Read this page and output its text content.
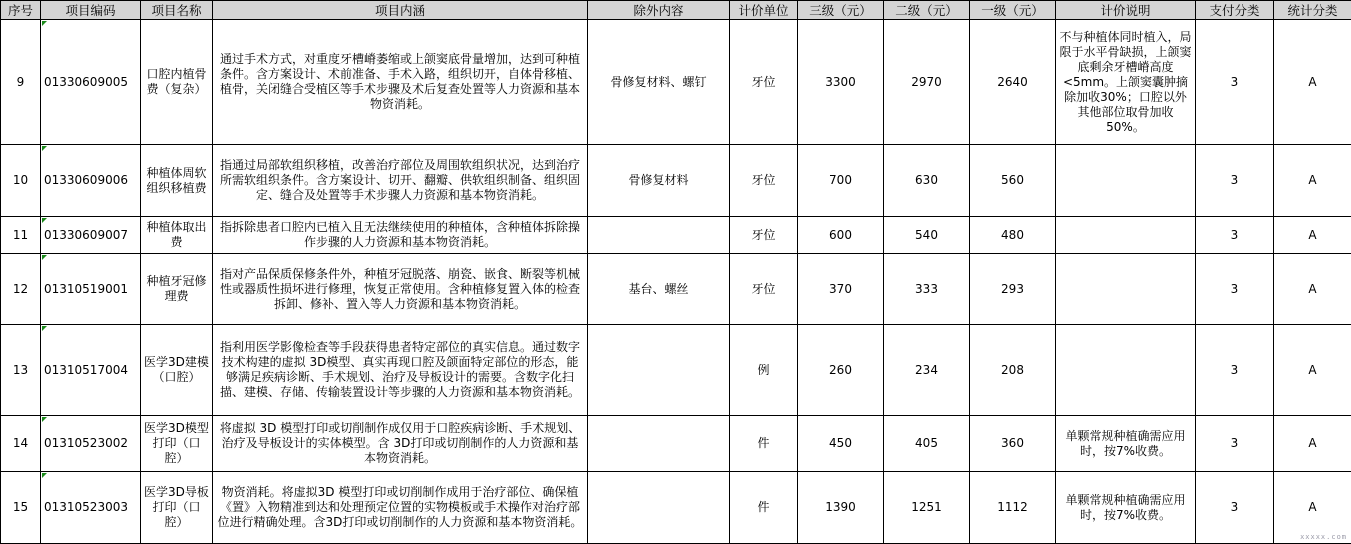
序号	项目编码	项目名称	项目内涵	除外内容	计价单位	三级（元）	二级（元）	一级（元）	计价说明	支付分类	统计分类
9	01330609005	口腔内植骨费（复杂）	通过手术方式，对重度牙槽嵴萎缩或上颌窦底骨量增加，达到可种植条件。含方案设计、术前准备、手术入路，组织切开，自体骨移植、植骨，关闭缝合受植区等手术步骤及术后复查处置等人力资源和基本物资消耗。	骨修复材料、螺钉	牙位	3300	2970	2640	不与种植体同时植入，局限于水平骨缺损，上颌窦底剩余牙槽嵴高度<5mm。上颌窦囊肿摘除加收30%；口腔以外其他部位取骨加收50%。	3	A
10	01330609006	种植体周软组织移植费	指通过局部软组织移植，改善治疗部位及周围软组织状况，达到治疗所需软组织条件。含方案设计、切开、翻瓣、供软组织制备、组织固定、缝合及处置等手术步骤人力资源和基本物资消耗。	骨修复材料	牙位	700	630	560		3	A
11	01330609007	种植体取出费	指拆除患者口腔内已植入且无法继续使用的种植体，含种植体拆除操作步骤的人力资源和基本物资消耗。		牙位	600	540	480		3	A
12	01310519001	种植牙冠修理费	指对产品保质保修条件外，种植牙冠脱落、崩瓷、嵌食、断裂等机械性或器质性损坏进行修理，恢复正常使用。含种植修复置入体的检查拆卸、修补、置入等人力资源和基本物资消耗。	基台、螺丝	牙位	370	333	293		3	A
13	01310517004	医学3D建模（口腔）	指利用医学影像检查等手段获得患者特定部位的真实信息。通过数字技术构建的虚拟 3D模型、真实再现口腔及颌面特定部位的形态，能够满足疾病诊断、手术规划、治疗及导板设计的需要。含数字化扫描、建模、存储、传输装置设计等步骤的人力资源和基本物资消耗。		例	260	234	208		3	A
14	01310523002	医学3D模型打印（口腔）	将虚拟 3D 模型打印或切削制作成仅用于口腔疾病诊断、手术规划、治疗及导板设计的实体模型。含 3D打印或切削制作的人力资源和基本物资消耗。		件	450	405	360	单颗常规种植确需应用时，按7%收费。	3	A
15	01310523003	医学3D导板打印（口腔）	物资消耗。将虚拟3D 模型打印或切削制作成用于治疗部位、确保植《置》入物精准到达和处理预定位置的实物模板或手术操作对治疗部位进行精确处理。含3D打印或切削制作的人力资源和基本物资消耗。		件	1390	1251	1112	单颗常规种植确需应用时，按7%收费。	3	A
xxxxx.com
